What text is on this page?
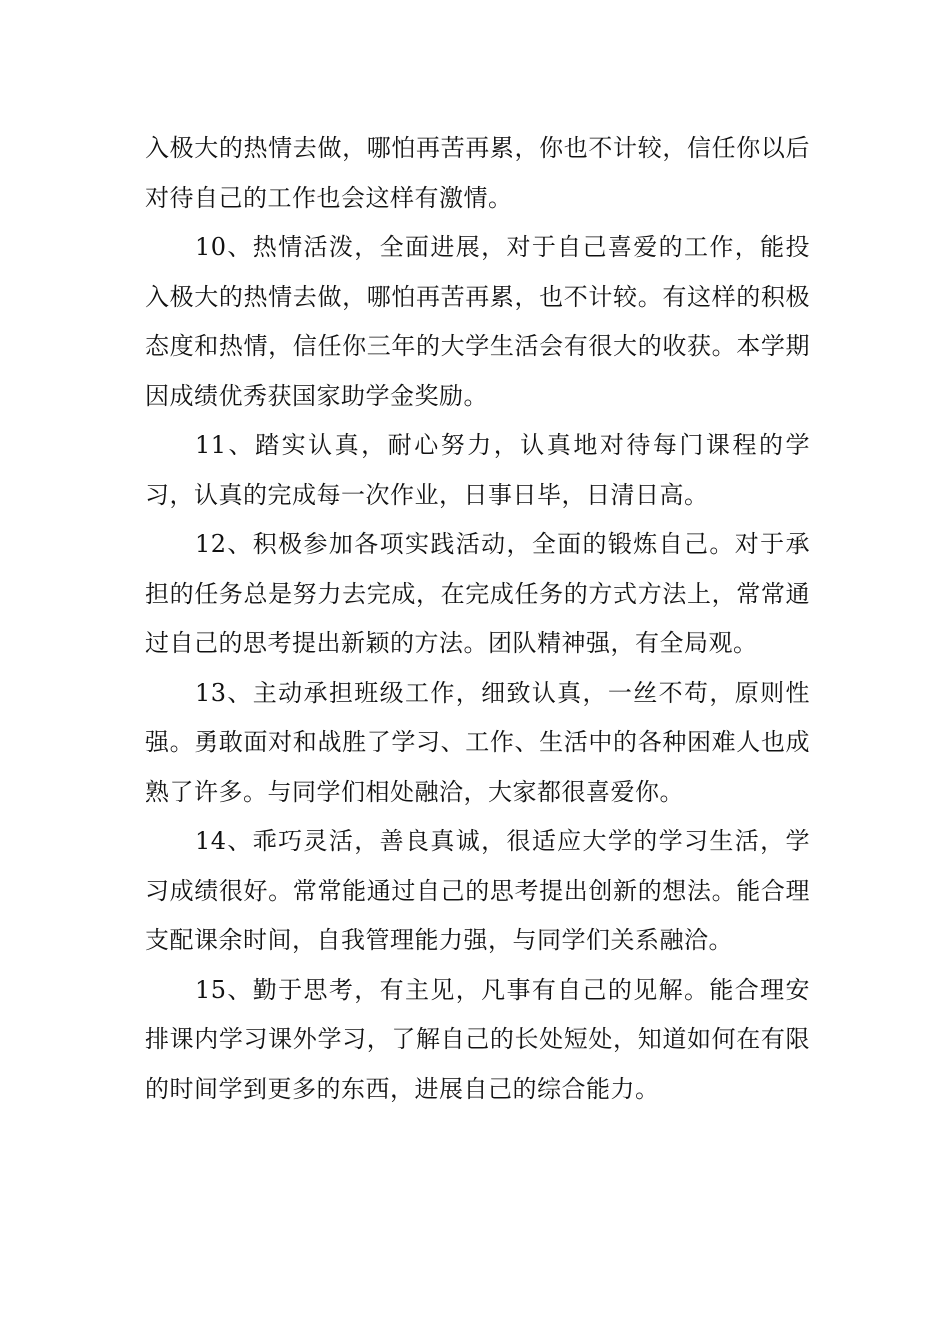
入极大的热情去做，哪怕再苦再累，你也不计较，信任你以后对待自己的工作也会这样有激情。

10、热情活泼，全面进展，对于自己喜爱的工作，能投入极大的热情去做，哪怕再苦再累，也不计较。有这样的积极态度和热情，信任你三年的大学生活会有很大的收获。本学期因成绩优秀获国家助学金奖励。

11、踏实认真，耐心努力，认真地对待每门课程的学习，认真的完成每一次作业，日事日毕，日清日高。

12、积极参加各项实践活动，全面的锻炼自己。对于承担的任务总是努力去完成，在完成任务的方式方法上，常常通过自己的思考提出新颖的方法。团队精神强，有全局观。

13、主动承担班级工作，细致认真，一丝不苟，原则性强。勇敢面对和战胜了学习、工作、生活中的各种困难人也成熟了许多。与同学们相处融洽，大家都很喜爱你。

14、乖巧灵活，善良真诚，很适应大学的学习生活，学习成绩很好。常常能通过自己的思考提出创新的想法。能合理支配课余时间，自我管理能力强，与同学们关系融洽。

15、勤于思考，有主见，凡事有自己的见解。能合理安排课内学习课外学习，了解自己的长处短处，知道如何在有限的时间学到更多的东西，进展自己的综合能力。
